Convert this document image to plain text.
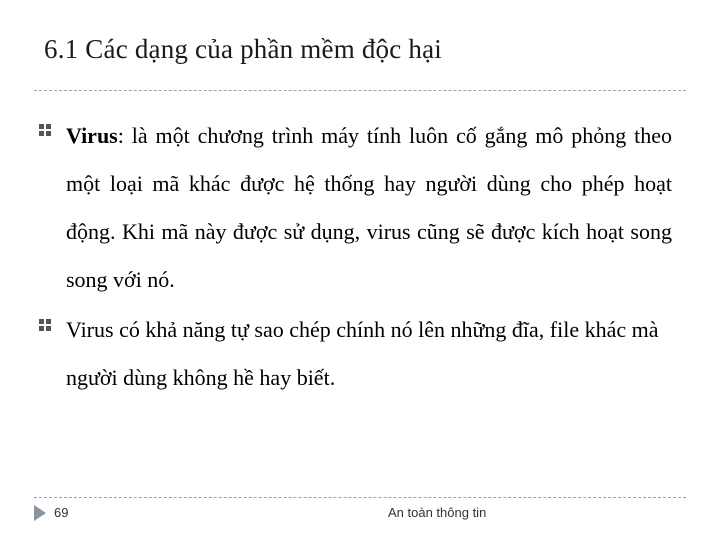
6.1 Các dạng của phần mềm độc hại

Virus: là một chương trình máy tính luôn cố gắng mô phỏng theo một loại mã khác được hệ thống hay người dùng cho phép hoạt động. Khi mã này được sử dụng, virus cũng sẽ được kích hoạt song song với nó.

Virus có khả năng tự sao chép chính nó lên những đĩa, file khác mà người dùng không hề hay biết.

69	An toàn thông tin
